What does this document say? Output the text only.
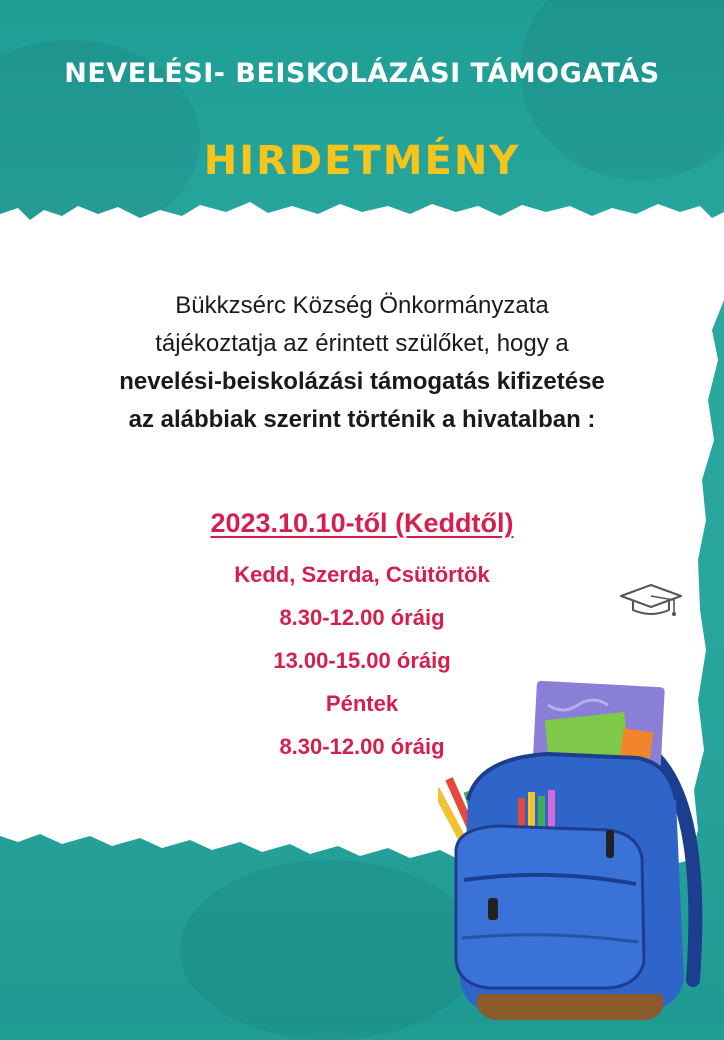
NEVELÉSI- BEISKOLÁZÁSI TÁMOGATÁS
HIRDETMÉNY
Bükkzsérc Község Önkormányzata
tájékoztatja az érintett szülőket, hogy a
nevelési-beiskolázási támogatás kifizetése
az alábbiak szerint történik a hivatalban :
2023.10.10-től (Keddtől)
Kedd, Szerda, Csütörtök
8.30-12.00 óráig
13.00-15.00 óráig
Péntek
8.30-12.00 óráig
